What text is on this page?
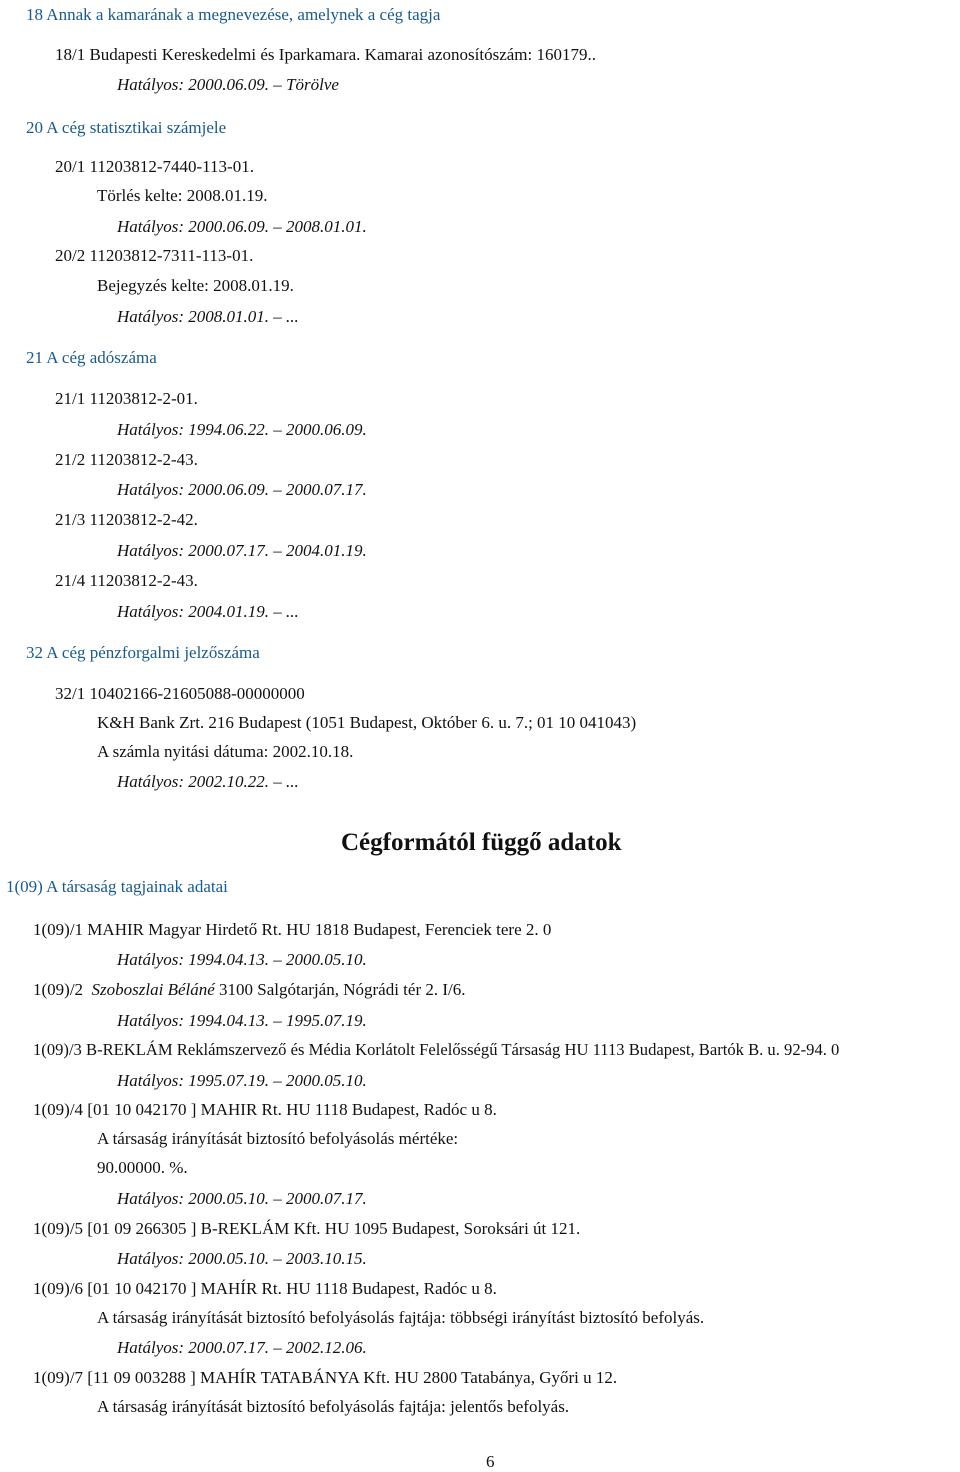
18 Annak a kamarának a megnevezése, amelynek a cég tagja
18/1 Budapesti Kereskedelmi és Iparkamara. Kamarai azonosítószám: 160179..
Hatályos: 2000.06.09. – Törölve
20 A cég statisztikai számjele
20/1 11203812-7440-113-01.
Törlés kelte: 2008.01.19.
Hatályos: 2000.06.09. – 2008.01.01.
20/2 11203812-7311-113-01.
Bejegyzés kelte: 2008.01.19.
Hatályos: 2008.01.01. – ...
21 A cég adószáma
21/1 11203812-2-01.
Hatályos: 1994.06.22. – 2000.06.09.
21/2 11203812-2-43.
Hatályos: 2000.06.09. – 2000.07.17.
21/3 11203812-2-42.
Hatályos: 2000.07.17. – 2004.01.19.
21/4 11203812-2-43.
Hatályos: 2004.01.19. – ...
32 A cég pénzforgalmi jelzőszáma
32/1 10402166-21605088-00000000
K&H Bank Zrt. 216 Budapest (1051 Budapest, Október 6. u. 7.; 01 10 041043)
A számla nyitási dátuma: 2002.10.18.
Hatályos: 2002.10.22. – ...
Cégformától függő adatok
1(09) A társaság tagjainak adatai
1(09)/1 MAHIR Magyar Hirdető Rt. HU 1818 Budapest, Ferenciek tere 2. 0
Hatályos: 1994.04.13. – 2000.05.10.
1(09)/2  Szoboszlai Béláné 3100 Salgótarján, Nógrádi tér 2. I/6.
Hatályos: 1994.04.13. – 1995.07.19.
1(09)/3 B-REKLÁM Reklámszervező és Média Korlátolt Felelősségű Társaság HU 1113 Budapest, Bartók B. u. 92-94. 0
Hatályos: 1995.07.19. – 2000.05.10.
1(09)/4 [01 10 042170 ] MAHIR Rt. HU 1118 Budapest, Radóc u 8.
A társaság irányítását biztosító befolyásolás mértéke:
90.00000. %.
Hatályos: 2000.05.10. – 2000.07.17.
1(09)/5 [01 09 266305 ] B-REKLÁM Kft. HU 1095 Budapest, Soroksári út 121.
Hatályos: 2000.05.10. – 2003.10.15.
1(09)/6 [01 10 042170 ] MAHÍR Rt. HU 1118 Budapest, Radóc u 8.
A társaság irányítását biztosító befolyásolás fajtája: többségi irányítást biztosító befolyás.
Hatályos: 2000.07.17. – 2002.12.06.
1(09)/7 [11 09 003288 ] MAHÍR TATABÁNYA Kft. HU 2800 Tatabánya, Győri u 12.
A társaság irányítását biztosító befolyásolás fajtája: jelentős befolyás.
6
